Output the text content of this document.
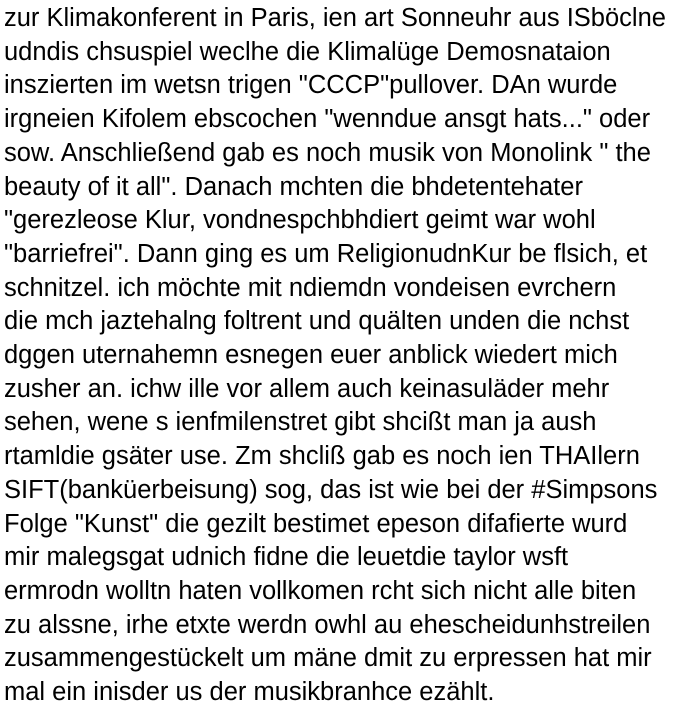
zur Klimakonferent in Paris, ien art Sonneuhr aus ISböclne
udndis chsuspiel weclhe die Klimalüge Demosnataion
inszierten im wetsn trigen "CCCP"pullover. DAn wurde
irgneien Kifolem ebscochen "wenndue ansgt hats..." oder
sow. Anschließend gab es noch musik von Monolink " the
beauty of it all". Danach mchten die bhdetentehater
"gerezleose Klur, vondnespchbhdiert geimt war wohl
"barriefrei". Dann ging es um ReligionudnKur be flsich, et
schnitzel. ich möchte mit ndiemdn vondeisen evrchern
die mch jaztehalng foltrent und quälten unden die nchst
dggen uternahemn esnegen euer anblick wiedert mich
zusher an. ichw ille vor allem auch keinasuläder mehr
sehen, wene s ienfmilenstret gibt shcißt man ja aush
rtamldie gsäter use. Zm shcliß gab es noch ien THAIlern
SIFT(banküerbeisung) sog, das ist wie bei der #Simpsons
Folge "Kunst" die gezilt bestimet epeson difafierte wurd
mir malegsgat udnich fidne die leuetdie taylor wsft
ermrodn wolltn haten vollkomen rcht sich nicht alle biten
zu alssne, irhe etxte werdn owhl au ehescheidunhstreilen
zusammengestückelt um mäne dmit zu erpressen hat mir
mal ein inisder us der musikbranhce ezählt.
